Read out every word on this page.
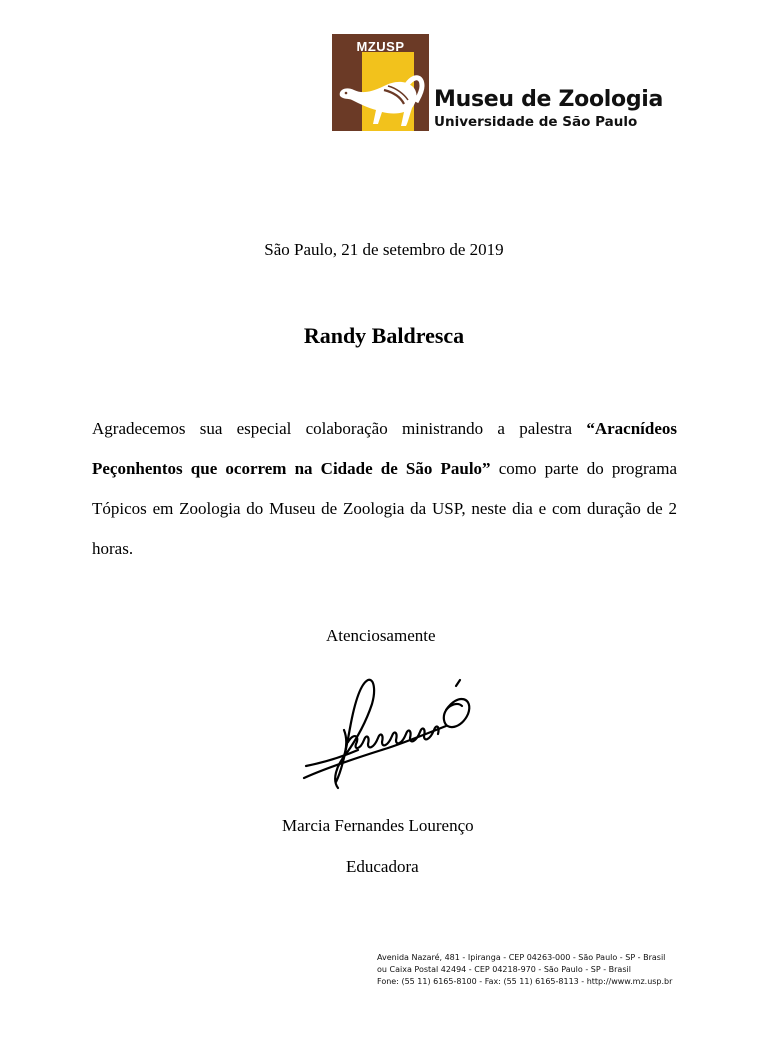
MZUSP
Museu de Zoologia
Universidade de São Paulo
São Paulo, 21 de setembro de 2019
Randy Baldresca

Agradecemos sua especial colaboração ministrando a palestra “Aracnídeos Peçonhentos que ocorrem na Cidade de São Paulo” como parte do programa Tópicos em Zoologia do Museu de Zoologia da USP, neste dia e com duração de 2 horas.

Atenciosamente
Marcia Fernandes Lourenço
Educadora
Avenida Nazaré, 481 - Ipiranga - CEP 04263-000 - São Paulo - SP - Brasil
ou Caixa Postal 42494 - CEP 04218-970 - São Paulo - SP - Brasil
Fone: (55 11) 6165-8100 - Fax: (55 11) 6165-8113 - http://www.mz.usp.br
